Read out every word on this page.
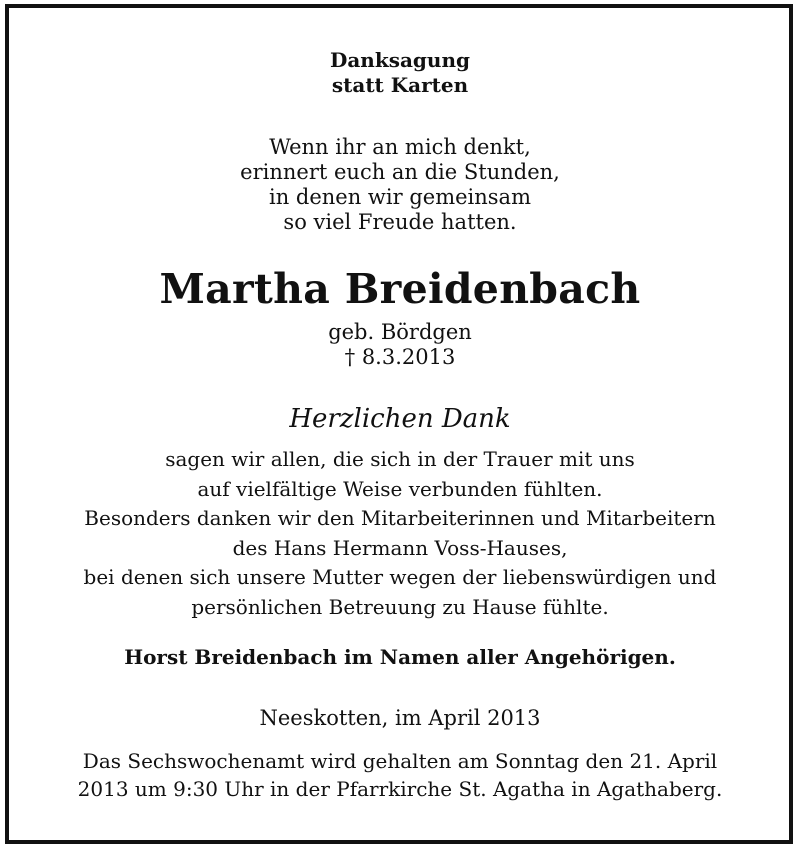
Danksagung
statt Karten
Wenn ihr an mich denkt,
erinnert euch an die Stunden,
in denen wir gemeinsam
so viel Freude hatten.
Martha Breidenbach
geb. Bördgen
† 8.3.2013
Herzlichen Dank
sagen wir allen, die sich in der Trauer mit uns
auf vielfältige Weise verbunden fühlten.
Besonders danken wir den Mitarbeiterinnen und Mitarbeitern
des Hans Hermann Voss-Hauses,
bei denen sich unsere Mutter wegen der liebenswürdigen und
persönlichen Betreuung zu Hause fühlte.
Horst Breidenbach im Namen aller Angehörigen.
Neeskotten, im April 2013
Das Sechswochenamt wird gehalten am Sonntag den 21. April
2013 um 9:30 Uhr in der Pfarrkirche St. Agatha in Agathaberg.
